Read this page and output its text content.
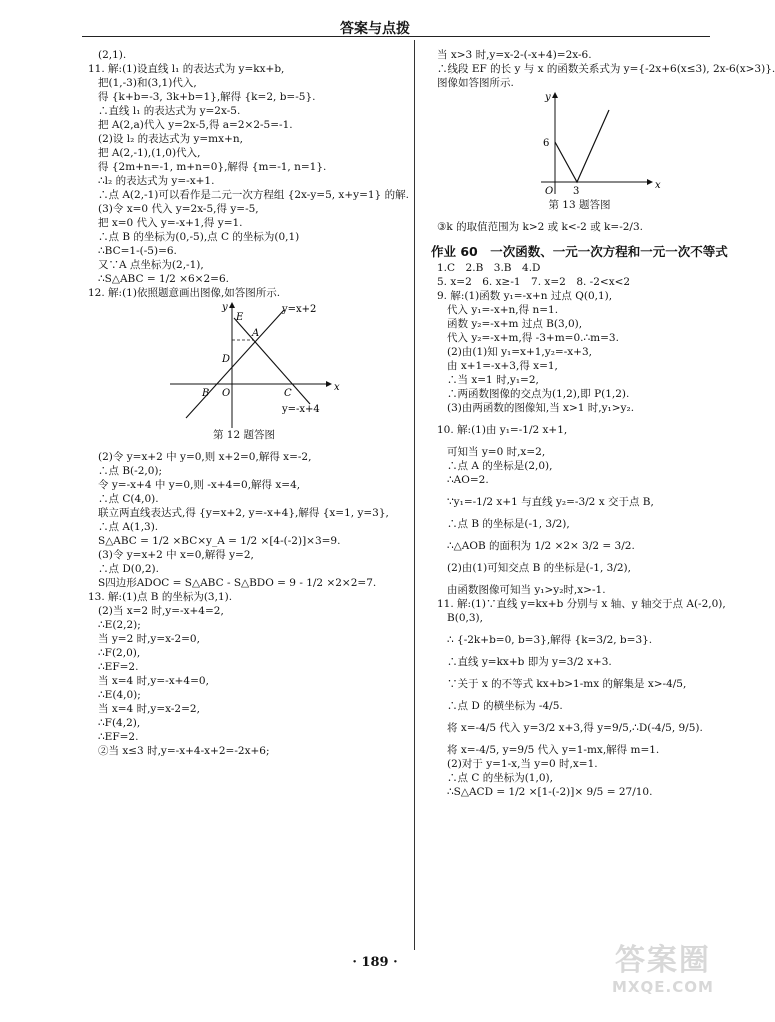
答案与点拨
(2,1).
11. 解:(1)设直线 l₁ 的表达式为 y=kx+b,
把(1,-3)和(3,1)代入,
得 {k+b=-3, 3k+b=1},解得 {k=2, b=-5}.
∴直线 l₁ 的表达式为 y=2x-5.
把 A(2,a)代入 y=2x-5,得 a=2×2-5=-1.
(2)设 l₂ 的表达式为 y=mx+n,
把 A(2,-1),(1,0)代入,
得 {2m+n=-1, m+n=0},解得 {m=-1, n=1}.
∴l₂ 的表达式为 y=-x+1.
∴点 A(2,-1)可以看作是二元一次方程组 {2x-y=5, x+y=1} 的解.
(3)令 x=0 代入 y=2x-5,得 y=-5,
把 x=0 代入 y=-x+1,得 y=1.
∴点 B 的坐标为(0,-5),点 C 的坐标为(0,1)
∴BC=1-(-5)=6.
又∵A 点坐标为(2,-1),
∴S△ABC = 1/2 ×6×2=6.
12. 解:(1)依照题意画出图像,如答图所示.
y=x+2
y=-x+4
x
y
E
A
D
B O	C
第 12 题答图
(2)令 y=x+2 中 y=0,则 x+2=0,解得 x=-2,
∴点 B(-2,0);
令 y=-x+4 中 y=0,则 -x+4=0,解得 x=4,
∴点 C(4,0).
联立两直线表达式,得 {y=x+2, y=-x+4},解得 {x=1, y=3},
∴点 A(1,3).
S△ABC = 1/2 ×BC×y_A = 1/2 ×[4-(-2)]×3=9.
(3)令 y=x+2 中 x=0,解得 y=2,
∴点 D(0,2).
S四边形ADOC = S△ABC - S△BDO = 9 - 1/2 ×2×2=7.
13. 解:(1)点 B 的坐标为(3,1).
(2)当 x=2 时,y=-x+4=2,
∴E(2,2);
当 y=2 时,y=x-2=0,
∴F(2,0),
∴EF=2.
当 x=4 时,y=-x+4=0,
∴E(4,0);
当 x=4 时,y=x-2=2,
∴F(4,2),
∴EF=2.
②当 x≤3 时,y=-x+4-x+2=-2x+6;
当 x>3 时,y=x-2-(-x+4)=2x-6.
∴线段 EF 的长 y 与 x 的函数关系式为 y={-2x+6(x≤3), 2x-6(x>3)}.
图像如答图所示.
6
3
O
x
y
第 13 题答图
③k 的取值范围为 k>2 或 k<-2 或 k=-2/3.
作业 60　一次函数、一元一次方程和一元一次不等式
1.C　2.B　3.B　4.D
5. x=2　6. x≥-1　7. x=2　8. -2<x<2
9. 解:(1)函数 y₁=-x+n 过点 Q(0,1),
代入 y₁=-x+n,得 n=1.
函数 y₂=-x+m 过点 B(3,0),
代入 y₂=-x+m,得 -3+m=0.∴m=3.
(2)由(1)知 y₁=x+1,y₂=-x+3,
由 x+1=-x+3,得 x=1,
∴当 x=1 时,y₁=2,
∴两函数图像的交点为(1,2),即 P(1,2).
(3)由两函数的图像知,当 x>1 时,y₁>y₂.
10. 解:(1)由 y₁=-1/2 x+1,
可知当 y=0 时,x=2,
∴点 A 的坐标是(2,0),
∴AO=2.
∵y₁=-1/2 x+1 与直线 y₂=-3/2 x 交于点 B,
∴点 B 的坐标是(-1, 3/2),
∴△AOB 的面积为 1/2 ×2× 3/2 = 3/2.
(2)由(1)可知交点 B 的坐标是(-1, 3/2),
由函数图像可知当 y₁>y₂时,x>-1.
11. 解:(1)∵直线 y=kx+b 分别与 x 轴、y 轴交于点 A(-2,0),
B(0,3),
∴ {-2k+b=0, b=3},解得 {k=3/2, b=3}.
∴直线 y=kx+b 即为 y=3/2 x+3.
∵关于 x 的不等式 kx+b>1-mx 的解集是 x>-4/5,
∴点 D 的横坐标为 -4/5.
将 x=-4/5 代入 y=3/2 x+3,得 y=9/5,∴D(-4/5, 9/5).
将 x=-4/5, y=9/5 代入 y=1-mx,解得 m=1.
(2)对于 y=1-x,当 y=0 时,x=1.
∴点 C 的坐标为(1,0),
∴S△ACD = 1/2 ×[1-(-2)]× 9/5 = 27/10.
· 189 ·	答案圈
MXQE.COM
